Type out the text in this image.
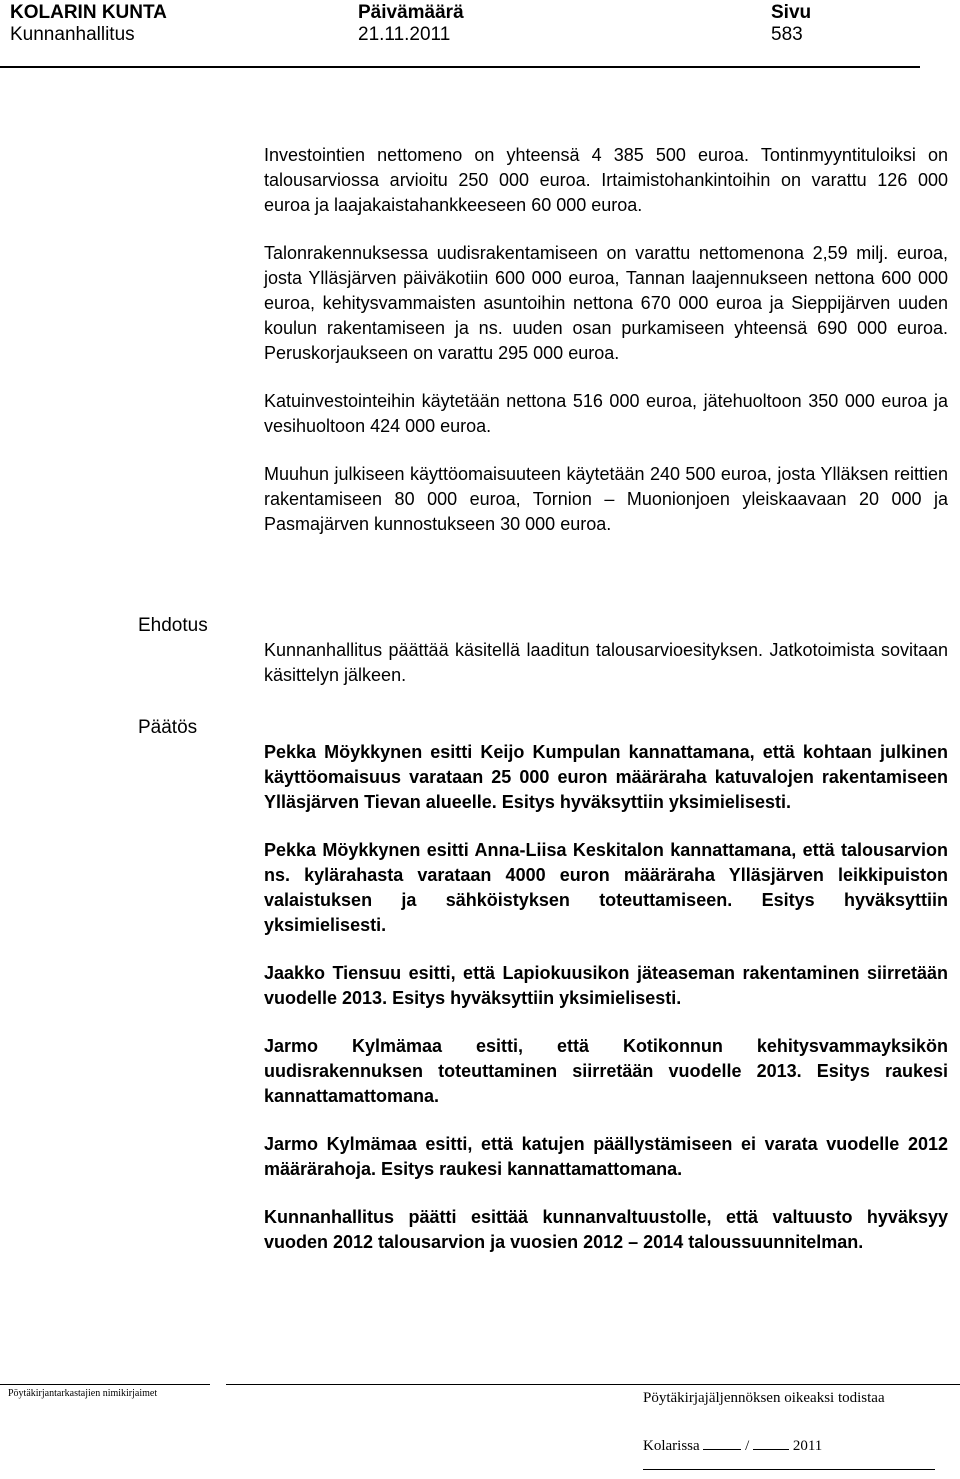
KOLARIN KUNTA
Kunnanhallitus
Päivämäärä
21.11.2011
Sivu
583

Investointien nettomeno on yhteensä 4 385 500 euroa. Tontinmyyntituloiksi on talousarviossa arvioitu 250 000 euroa. Irtaimistohankintoihin on varattu 126 000 euroa ja laajakaistahankkeeseen 60 000 euroa.

Talonrakennuksessa uudisrakentamiseen on varattu nettomenona 2,59 milj. euroa, josta Ylläsjärven päiväkotiin 600 000 euroa, Tannan laajennukseen nettona 600 000 euroa, kehitysvammaisten asuntoihin nettona 670 000 euroa ja Sieppijärven uuden koulun rakentamiseen ja ns. uuden osan purkamiseen yhteensä 690 000 euroa. Peruskorjaukseen on varattu 295 000 euroa.

Katuinvestointeihin käytetään nettona 516 000 euroa, jätehuoltoon 350 000 euroa ja vesihuoltoon 424 000 euroa.

Muuhun julkiseen käyttöomaisuuteen käytetään 240 500 euroa, josta Ylläksen reittien rakentamiseen 80 000 euroa, Tornion – Muonionjoen yleiskaavaan 20 000 ja Pasmajärven kunnostukseen 30 000 euroa.

Ehdotus

Kunnanhallitus päättää käsitellä laaditun talousarvioesityksen. Jatkotoimista sovitaan käsittelyn jälkeen.

Päätös

Pekka Möykkynen esitti Keijo Kumpulan kannattamana, että kohtaan julkinen käyttöomaisuus varataan 25 000 euron määräraha katuvalojen rakentamiseen Ylläsjärven Tievan alueelle. Esitys hyväksyttiin yksimielisesti.

Pekka Möykkynen esitti Anna-Liisa Keskitalon kannattamana, että talousarvion ns. kylärahasta varataan 4000 euron määräraha Ylläsjärven leikkipuiston valaistuksen ja sähköistyksen toteuttamiseen. Esitys hyväksyttiin yksimielisesti.

Jaakko Tiensuu esitti, että Lapiokuusikon jäteaseman rakentaminen siirretään vuodelle 2013. Esitys hyväksyttiin yksimielisesti.

Jarmo Kylmämaa esitti, että Kotikonnun kehitysvammayksikön uudisrakennuksen toteuttaminen siirretään vuodelle 2013. Esitys raukesi kannattamattomana.

Jarmo Kylmämaa esitti, että katujen päällystämiseen ei varata vuodelle 2012 määrärahoja. Esitys raukesi kannattamattomana.

Kunnanhallitus päätti esittää kunnanvaltuustolle, että valtuusto hyväksyy vuoden 2012 talousarvion ja vuosien 2012 – 2014 taloussuunnitelman.

Pöytäkirjantarkastajien nimikirjaimet	Pöytäkirjajäljennöksen oikeaksi todistaa
Kolarissa	/	2011
